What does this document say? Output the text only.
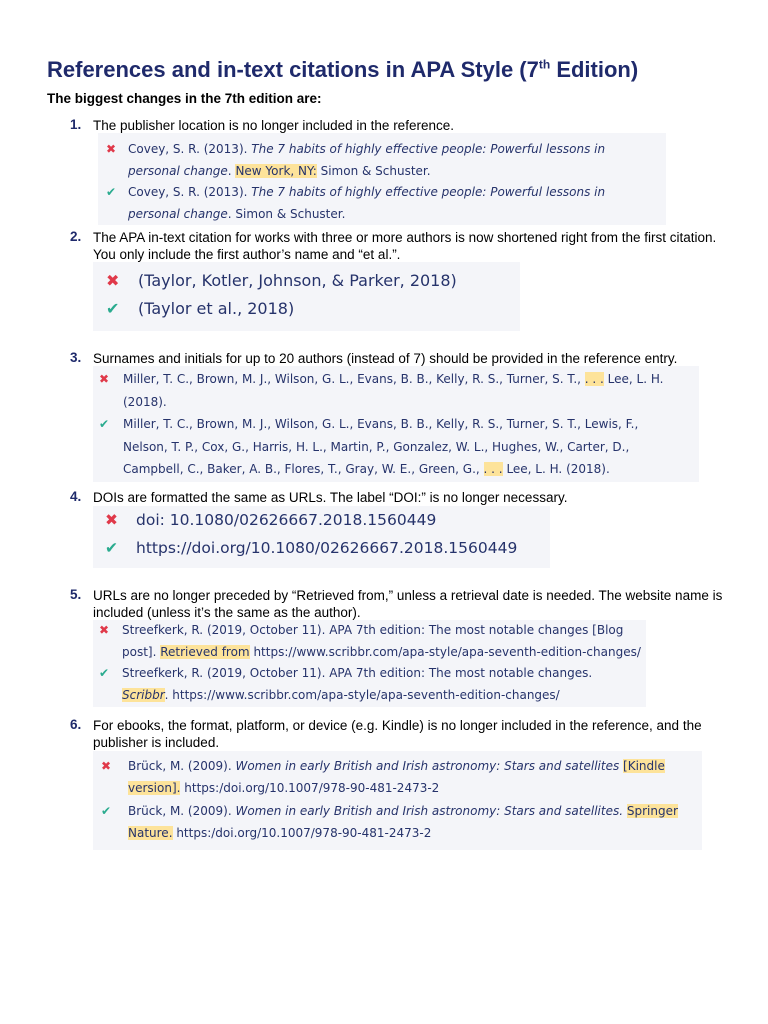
References and in-text citations in APA Style (7th Edition)

The biggest changes in the 7th edition are:

1. The publisher location is no longer included in the reference.
✖ Covey, S. R. (2013). The 7 habits of highly effective people: Powerful lessons in personal change. New York, NY: Simon & Schuster.
✔ Covey, S. R. (2013). The 7 habits of highly effective people: Powerful lessons in personal change. Simon & Schuster.
2. The APA in-text citation for works with three or more authors is now shortened right from the first citation. You only include the first author’s name and “et al.”.
✖ (Taylor, Kotler, Johnson, & Parker, 2018)
✔ (Taylor et al., 2018)
3. Surnames and initials for up to 20 authors (instead of 7) should be provided in the reference entry.
✖ Miller, T. C., Brown, M. J., Wilson, G. L., Evans, B. B., Kelly, R. S., Turner, S. T., . . . Lee, L. H. (2018).
✔ Miller, T. C., Brown, M. J., Wilson, G. L., Evans, B. B., Kelly, R. S., Turner, S. T., Lewis, F., Nelson, T. P., Cox, G., Harris, H. L., Martin, P., Gonzalez, W. L., Hughes, W., Carter, D., Campbell, C., Baker, A. B., Flores, T., Gray, W. E., Green, G., . . . Lee, L. H. (2018).
4. DOIs are formatted the same as URLs. The label “DOI:” is no longer necessary.
✖ doi: 10.1080/02626667.2018.1560449
✔ https://doi.org/10.1080/02626667.2018.1560449
5. URLs are no longer preceded by “Retrieved from,” unless a retrieval date is needed. The website name is included (unless it’s the same as the author).
✖ Streefkerk, R. (2019, October 11). APA 7th edition: The most notable changes [Blog post]. Retrieved from https://www.scribbr.com/apa-style/apa-seventh-edition-changes/
✔ Streefkerk, R. (2019, October 11). APA 7th edition: The most notable changes. Scribbr. https://www.scribbr.com/apa-style/apa-seventh-edition-changes/
6. For ebooks, the format, platform, or device (e.g. Kindle) is no longer included in the reference, and the publisher is included.
✖ Brück, M. (2009). Women in early British and Irish astronomy: Stars and satellites [Kindle version]. https:/doi.org/10.1007/978-90-481-2473-2
✔ Brück, M. (2009). Women in early British and Irish astronomy: Stars and satellites. Springer Nature. https:/doi.org/10.1007/978-90-481-2473-2
